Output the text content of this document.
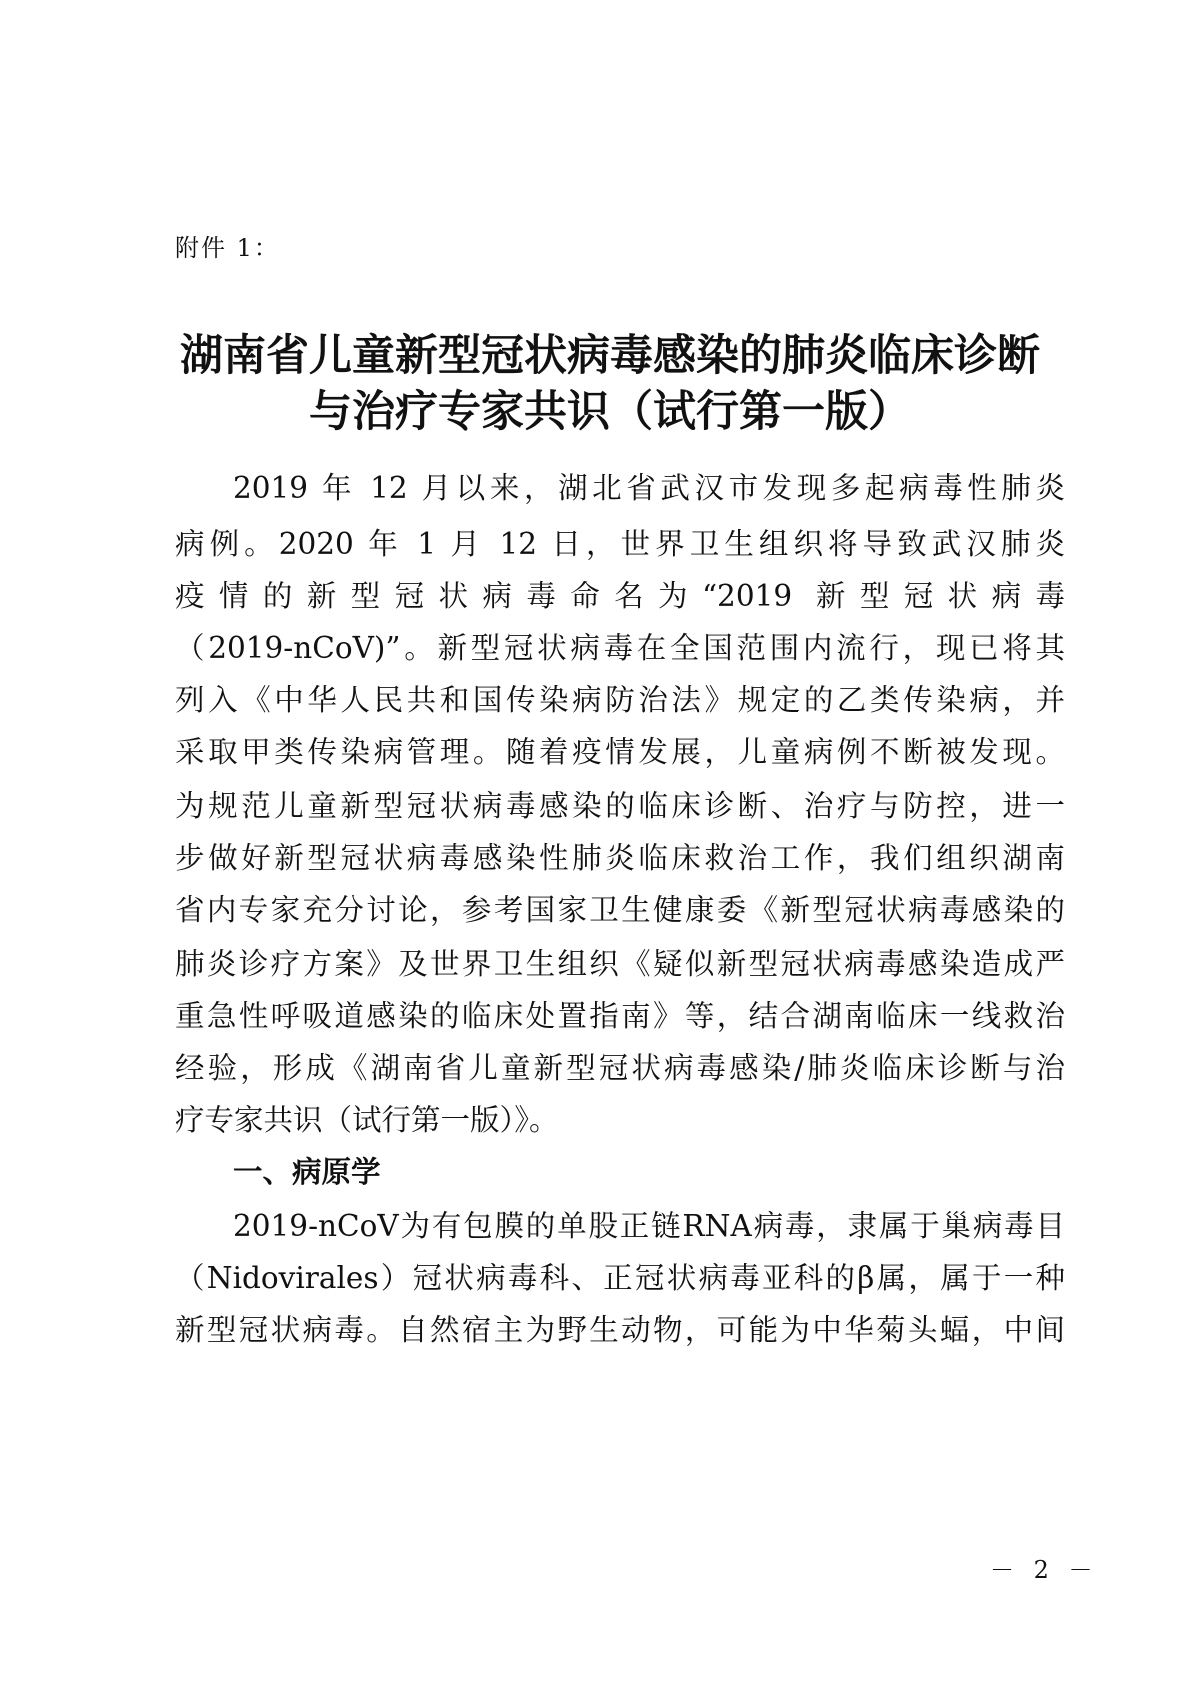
附件 1：
湖南省儿童新型冠状病毒感染的肺炎临床诊断
与治疗专家共识（试行第一版）
2019 年 12 月以来，湖北省武汉市发现多起病毒性肺炎
病例。2020 年 1 月 12 日，世界卫生组织将导致武汉肺炎
疫情的新型冠状病毒命名为“2019 新型冠状病毒
（2019-nCoV)”。新型冠状病毒在全国范围内流行，现已将其
列入《中华人民共和国传染病防治法》规定的乙类传染病，并
采取甲类传染病管理。随着疫情发展，儿童病例不断被发现。
为规范儿童新型冠状病毒感染的临床诊断、治疗与防控，进一
步做好新型冠状病毒感染性肺炎临床救治工作，我们组织湖南
省内专家充分讨论，参考国家卫生健康委《新型冠状病毒感染的
肺炎诊疗方案》及世界卫生组织《疑似新型冠状病毒感染造成严
重急性呼吸道感染的临床处置指南》等，结合湖南临床一线救治
经验，形成《湖南省儿童新型冠状病毒感染/肺炎临床诊断与治
疗专家共识（试行第一版）》。
一、病原学
2019-nCoV为有包膜的单股正链RNA病毒，隶属于巢病毒目
（Nidovirales）冠状病毒科、正冠状病毒亚科的β属，属于一种
新型冠状病毒。自然宿主为野生动物，可能为中华菊头蝠，中间
－ 2 －
